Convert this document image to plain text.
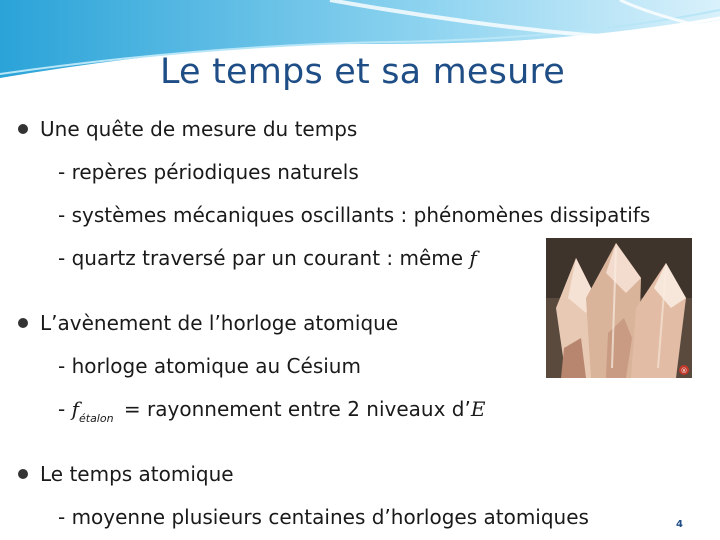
Le temps et sa mesure
Une quête de mesure du temps
- repères périodiques naturels
- systèmes mécaniques oscillants : phénomènes dissipatifs
- quartz traversé par un courant : même f
L’avènement de l’horloge atomique
- horloge atomique au Césium
- $f_{étalon}$ = rayonnement entre 2 niveaux d’E
Le temps atomique
- moyenne plusieurs centaines d’horloges atomiques
®
4
